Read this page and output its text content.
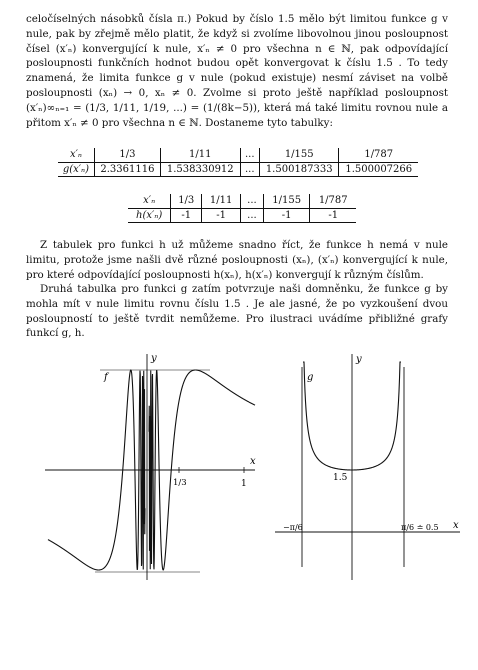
celočíselných násobků čísla π.) Pokud by číslo 1.5 mělo být limitou funkce g v nule, pak by zřejmě mělo platit, že když si zvolíme libovolnou jinou posloupnost čísel (x′ₙ) konvergující k nule, x′ₙ ≠ 0 pro všechna n ∈ ℕ, pak odpovídající posloupnosti funkčních hodnot budou opět konvergovat k číslu 1.5 . To tedy znamená, že limita funkce g v nule (pokud existuje) nesmí záviset na volbě posloupnosti (xₙ) → 0, xₙ ≠ 0. Zvolme si proto ještě například posloupnost (x′ₙ)∞ₙ₌₁ = (1/3, 1/11, 1/19, ...) = (1/(8k−5)), která má také limitu rovnou nule a přitom x′ₙ ≠ 0 pro všechna n ∈ ℕ. Dostaneme tyto tabulky:
x′ₙ	1/3	1/11	...	1/155	1/787
g(x′ₙ)	2.3361116	1.538330912	...	1.500187333	1.500007266
x′ₙ	1/3	1/11	...	1/155	1/787
h(x′ₙ)	-1	-1	...	-1	-1
Z tabulek pro funkci h už můžeme snadno říct, že funkce h nemá v nule limitu, protože jsme našli dvě různé posloupnosti (xₙ), (x′ₙ) konvergující k nule, pro které odpovídající posloupnosti h(xₙ), h(x′ₙ) konvergují k různým číslům.
Druhá tabulka pro funkci g zatím potvrzuje naši domněnku, že funkce g by mohla mít v nule limitu rovnu číslu 1.5 . Je ale jasné, že po vyzkoušení dvou posloupností to ještě tvrdit nemůžeme. Pro ilustraci uvádíme přibližné grafy funkcí g, h.
f
y
x
1/3	1
g
y
x
1.5
−π/6	π/6 ≐ 0.5
